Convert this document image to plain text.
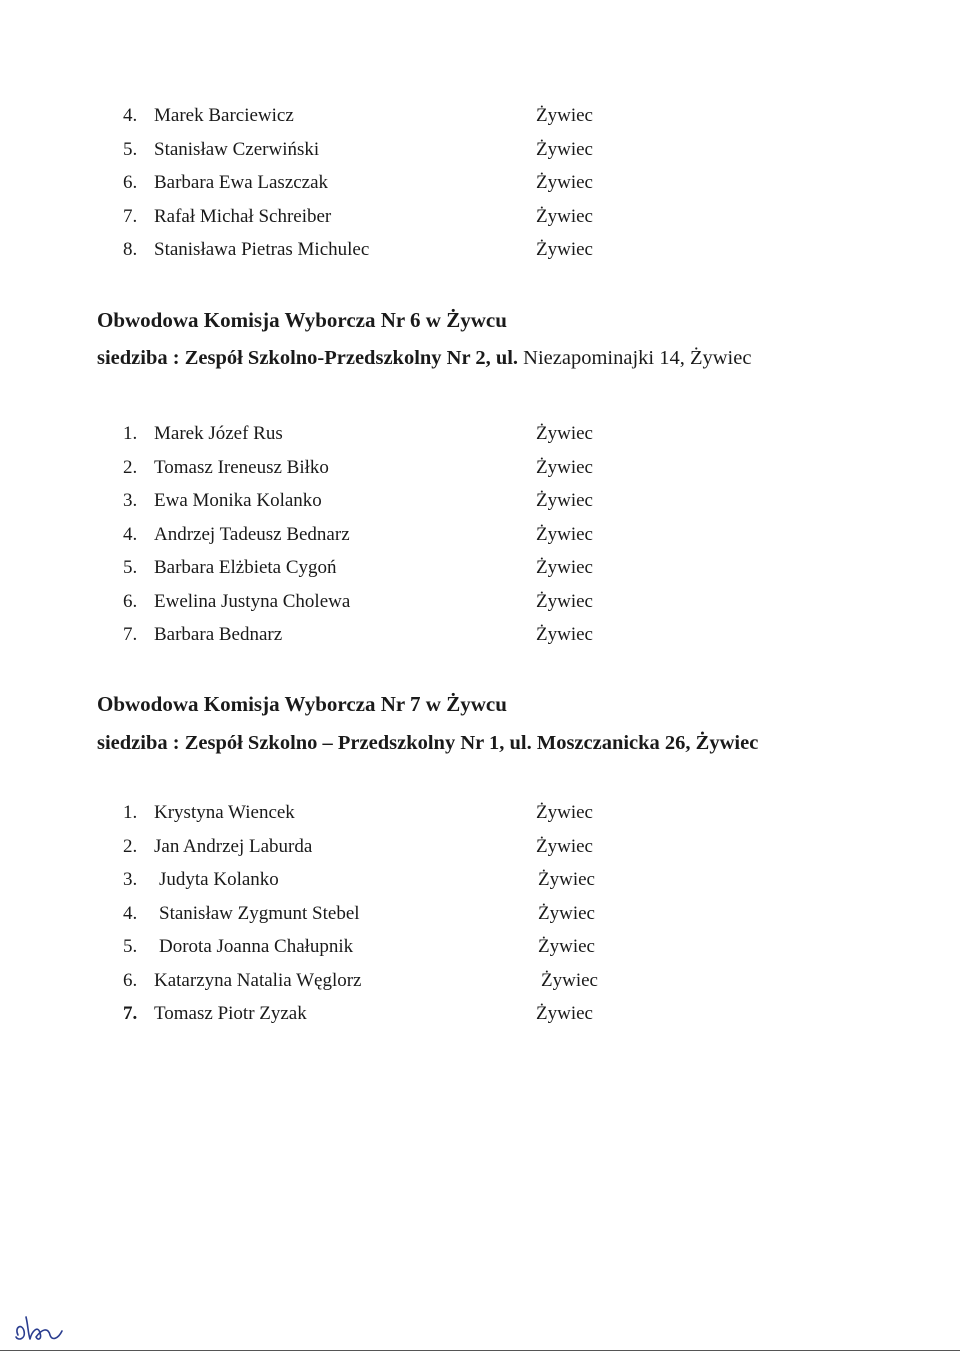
4. Marek Barciewicz	Żywiec
5. Stanisław Czerwiński	Żywiec
6. Barbara Ewa Laszczak	Żywiec
7. Rafał Michał Schreiber	Żywiec
8. Stanisława Pietras Michulec	Żywiec
Obwodowa Komisja Wyborcza Nr 6 w Żywcu
siedziba : Zespół Szkolno-Przedszkolny Nr 2, ul. Niezapominajki 14, Żywiec
1. Marek Józef Rus	Żywiec
2. Tomasz Ireneusz Biłko	Żywiec
3. Ewa Monika Kolanko	Żywiec
4. Andrzej Tadeusz Bednarz	Żywiec
5. Barbara Elżbieta Cygoń	Żywiec
6. Ewelina Justyna Cholewa	Żywiec
7. Barbara Bednarz	Żywiec
Obwodowa Komisja Wyborcza Nr 7 w Żywcu
siedziba : Zespół Szkolno – Przedszkolny Nr 1, ul. Moszczanicka 26, Żywiec
1. Krystyna Wiencek	Żywiec
2. Jan Andrzej Laburda	Żywiec
3. Judyta Kolanko	Żywiec
4. Stanisław Zygmunt Stebel	Żywiec
5. Dorota Joanna Chałupnik	Żywiec
6. Katarzyna Natalia Węglorz	Żywiec
7. Tomasz Piotr Zyzak	Żywiec
